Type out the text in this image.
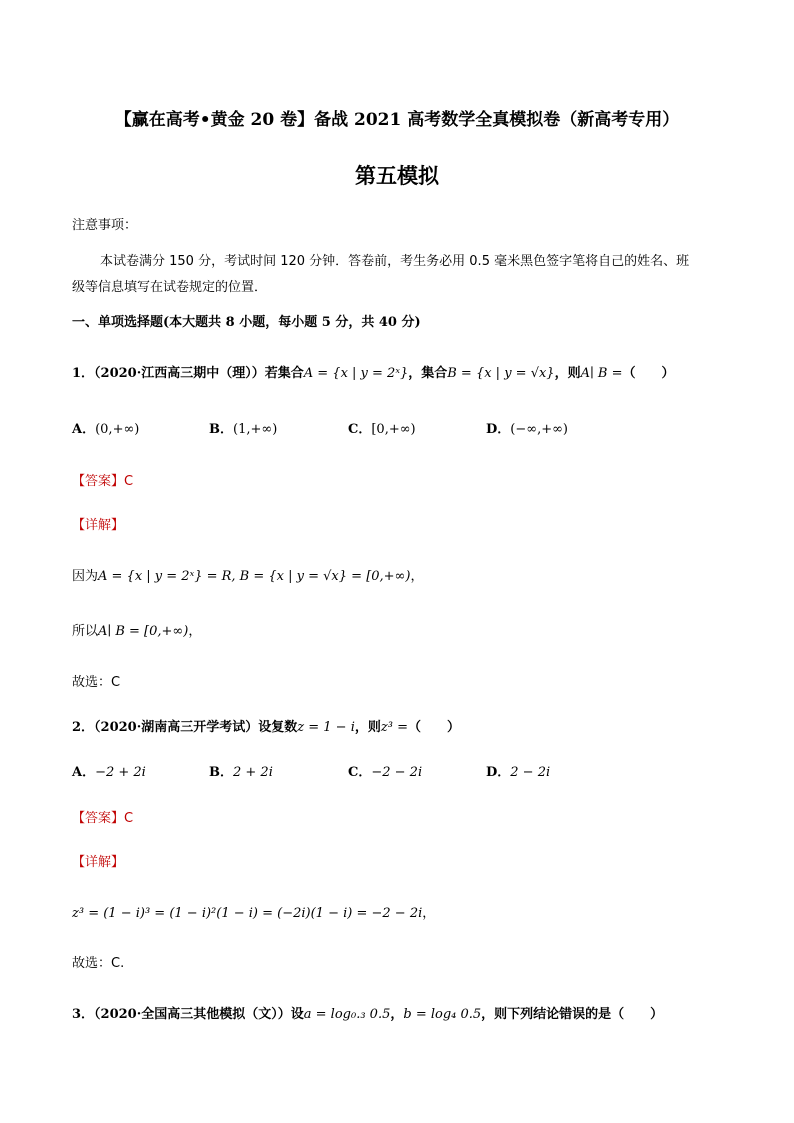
【赢在高考•黄金 20 卷】备战 2021 高考数学全真模拟卷（新高考专用）
第五模拟
注意事项：
本试卷满分 150 分，考试时间 120 分钟．答卷前，考生务必用 0.5 毫米黑色签字笔将自己的姓名、班
级等信息填写在试卷规定的位置．
一、单项选择题(本大题共 8 小题，每小题 5 分，共 40 分)
1．（2020·江西高三期中（理））若集合A = {x | y = 2ˣ}，集合B = {x | y = √x}，则A∣ B =（　　）
A．(0,+∞)	B．(1,+∞)	C．[0,+∞)	D．(−∞,+∞)
【答案】C
【详解】
因为A = {x | y = 2ˣ} = R, B = {x | y = √x} = [0,+∞)，
所以A∣ B = [0,+∞)，
故选：C
2．（2020·湖南高三开学考试）设复数z = 1 − i，则z³ =（　　）
A．−2 + 2i	B．2 + 2i	C．−2 − 2i	D．2 − 2i
【答案】C
【详解】
z³ = (1 − i)³ = (1 − i)²(1 − i) = (−2i)(1 − i) = −2 − 2i，
故选：C.
3．（2020·全国高三其他模拟（文））设a = log₀.₃ 0.5，b = log₄ 0.5，则下列结论错误的是（　　）
